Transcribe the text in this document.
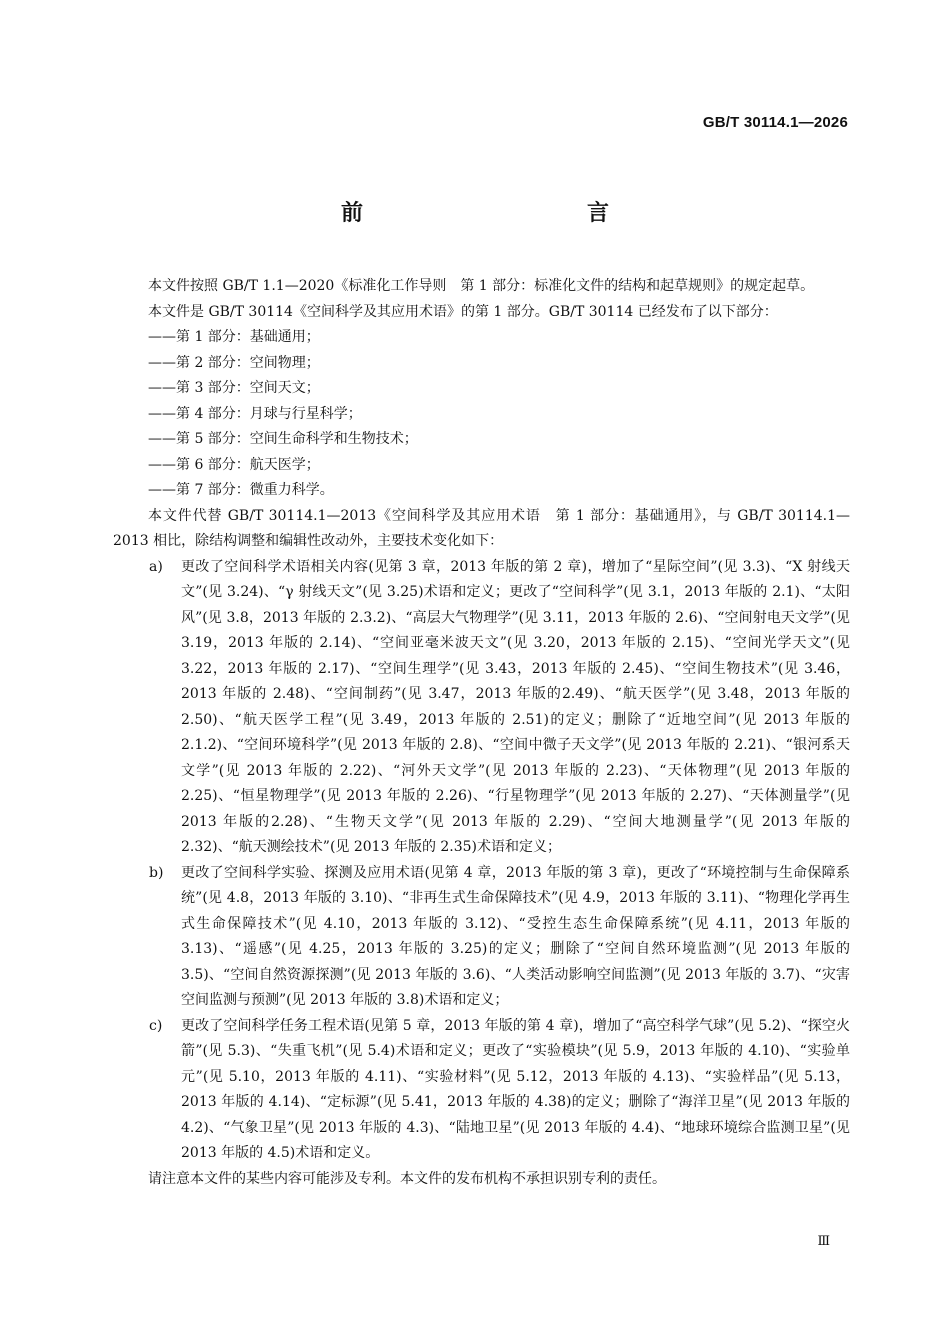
GB/T 30114.1—2026
前　　言

本文件按照 GB/T 1.1—2020《标准化工作导则　第 1 部分：标准化文件的结构和起草规则》的规定起草。

本文件是 GB/T 30114《空间科学及其应用术语》的第 1 部分。GB/T 30114 已经发布了以下部分：

——第 1 部分：基础通用；

——第 2 部分：空间物理；

——第 3 部分：空间天文；

——第 4 部分：月球与行星科学；

——第 5 部分：空间生命科学和生物技术；

——第 6 部分：航天医学；

——第 7 部分：微重力科学。

本文件代替 GB/T 30114.1—2013《空间科学及其应用术语　第 1 部分：基础通用》，与 GB/T 30114.1—2013 相比，除结构调整和编辑性改动外，主要技术变化如下：

a) 更改了空间科学术语相关内容(见第 3 章，2013 年版的第 2 章)，增加了“星际空间”(见 3.3)、“X 射线天文”(见 3.24)、“γ 射线天文”(见 3.25)术语和定义；更改了“空间科学”(见 3.1，2013 年版的 2.1)、“太阳风”(见 3.8，2013 年版的 2.3.2)、“高层大气物理学”(见 3.11，2013 年版的 2.6)、“空间射电天文学”(见 3.19，2013 年版的 2.14)、“空间亚毫米波天文”(见 3.20，2013 年版的 2.15)、“空间光学天文”(见 3.22，2013 年版的 2.17)、“空间生理学”(见 3.43，2013 年版的 2.45)、“空间生物技术”(见 3.46，2013 年版的 2.48)、“空间制药”(见 3.47，2013 年版的2.49)、“航天医学”(见 3.48，2013 年版的 2.50)、“航天医学工程”(见 3.49，2013 年版的 2.51)的定义；删除了“近地空间”(见 2013 年版的 2.1.2)、“空间环境科学”(见 2013 年版的 2.8)、“空间中微子天文学”(见 2013 年版的 2.21)、“银河系天文学”(见 2013 年版的 2.22)、“河外天文学”(见 2013 年版的 2.23)、“天体物理”(见 2013 年版的 2.25)、“恒星物理学”(见 2013 年版的 2.26)、“行星物理学”(见 2013 年版的 2.27)、“天体测量学”(见 2013 年版的2.28)、“生物天文学”(见 2013 年版的 2.29)、“空间大地测量学”(见 2013 年版的 2.32)、“航天测绘技术”(见 2013 年版的 2.35)术语和定义；
b) 更改了空间科学实验、探测及应用术语(见第 4 章，2013 年版的第 3 章)，更改了“环境控制与生命保障系统”(见 4.8，2013 年版的 3.10)、“非再生式生命保障技术”(见 4.9，2013 年版的 3.11)、“物理化学再生式生命保障技术”(见 4.10，2013 年版的 3.12)、“受控生态生命保障系统”(见 4.11，2013 年版的 3.13)、“遥感”(见 4.25，2013 年版的 3.25)的定义；删除了“空间自然环境监测”(见 2013 年版的 3.5)、“空间自然资源探测”(见 2013 年版的 3.6)、“人类活动影响空间监测”(见 2013 年版的 3.7)、“灾害空间监测与预测”(见 2013 年版的 3.8)术语和定义；
c) 更改了空间科学任务工程术语(见第 5 章，2013 年版的第 4 章)，增加了“高空科学气球”(见 5.2)、“探空火箭”(见 5.3)、“失重飞机”(见 5.4)术语和定义；更改了“实验模块”(见 5.9，2013 年版的 4.10)、“实验单元”(见 5.10，2013 年版的 4.11)、“实验材料”(见 5.12，2013 年版的 4.13)、“实验样品”(见 5.13，2013 年版的 4.14)、“定标源”(见 5.41，2013 年版的 4.38)的定义；删除了“海洋卫星”(见 2013 年版的 4.2)、“气象卫星”(见 2013 年版的 4.3)、“陆地卫星”(见 2013 年版的 4.4)、“地球环境综合监测卫星”(见 2013 年版的 4.5)术语和定义。

请注意本文件的某些内容可能涉及专利。本文件的发布机构不承担识别专利的责任。

Ⅲ
